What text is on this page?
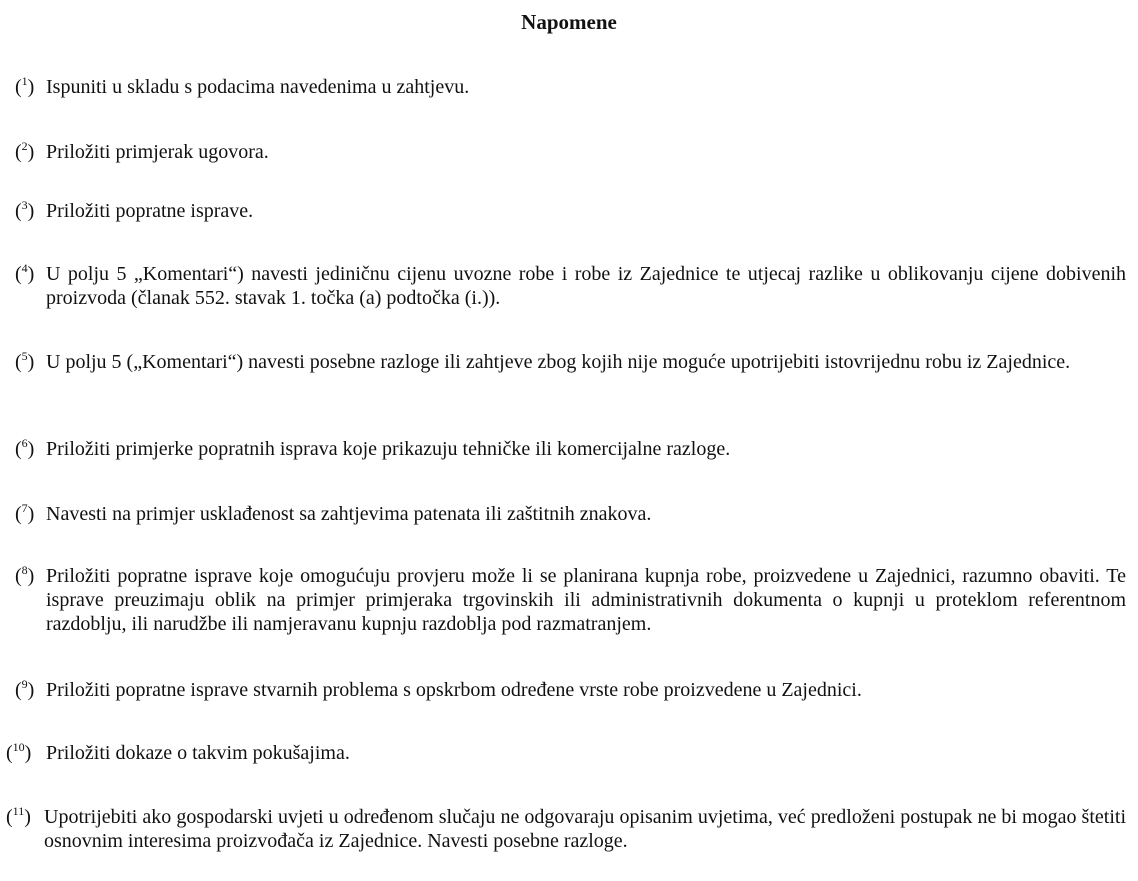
Napomene
($^1$) Ispuniti u skladu s podacima navedenima u zahtjevu.
($^2$) Priložiti primjerak ugovora.
($^3$) Priložiti popratne isprave.
($^4$) U polju 5 „Komentari“) navesti jediničnu cijenu uvozne robe i robe iz Zajednice te utjecaj razlike u oblikovanju cijene dobivenih proizvoda (članak 552. stavak 1. točka (a) podtočka (i.)).
($^5$) U polju 5 („Komentari“) navesti posebne razloge ili zahtjeve zbog kojih nije moguće upotrijebiti istovrijednu robu iz Zajednice.
($^6$) Priložiti primjerke popratnih isprava koje prikazuju tehničke ili komercijalne razloge.
($^7$) Navesti na primjer usklađenost sa zahtjevima patenata ili zaštitnih znakova.
($^8$) Priložiti popratne isprave koje omogućuju provjeru može li se planirana kupnja robe, proizvedene u Zajednici, razumno obaviti. Te isprave preuzimaju oblik na primjer primjeraka trgovinskih ili administrativnih dokumenta o kupnji u proteklom referentnom razdoblju, ili narudžbe ili namjeravanu kupnju razdoblja pod razmatranjem.
($^9$) Priložiti popratne isprave stvarnih problema s opskrbom određene vrste robe proizvedene u Zajednici.
($^{10}$) Priložiti dokaze o takvim pokušajima.
($^{11}$) Upotrijebiti ako gospodarski uvjeti u određenom slučaju ne odgovaraju opisanim uvjetima, već predloženi postupak ne bi mogao štetiti osnovnim interesima proizvođača iz Zajednice. Navesti posebne razloge.
